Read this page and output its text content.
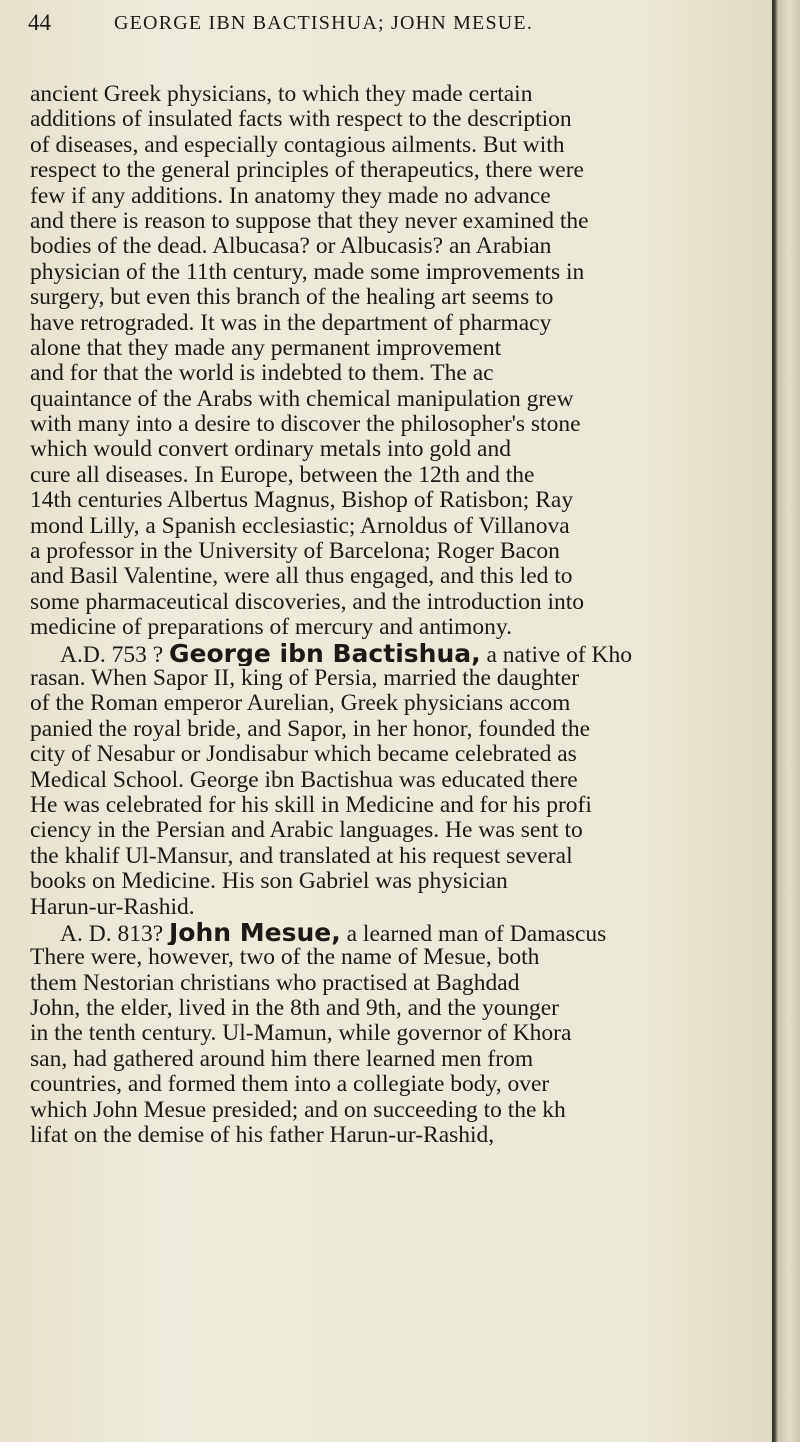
44	GEORGE IBN BACTISHUA; JOHN MESUE.
ancient Greek physicians, to which they made certain
additions of insulated facts with respect to the description
of diseases, and especially contagious ailments. But with
respect to the general principles of therapeutics, there were
few if any additions. In anatomy they made no advance
and there is reason to suppose that they never examined the
bodies of the dead. Albucasa? or Albucasis? an Arabian
physician of the 11th century, made some improvements in
surgery, but even this branch of the healing art seems to
have retrograded. It was in the department of pharmacy
alone that they made any permanent improvement
and for that the world is indebted to them. The ac
quaintance of the Arabs with chemical manipulation grew
with many into a desire to discover the philosopher's stone
which would convert ordinary metals into gold and
cure all diseases. In Europe, between the 12th and the
14th centuries Albertus Magnus, Bishop of Ratisbon; Ray
mond Lilly, a Spanish ecclesiastic; Arnoldus of Villanova
a professor in the University of Barcelona; Roger Bacon
and Basil Valentine, were all thus engaged, and this led to
some pharmaceutical discoveries, and the introduction into
medicine of preparations of mercury and antimony.
A.D. 753 ? George ibn Bactishua, a native of Kho
rasan. When Sapor II, king of Persia, married the daughter
of the Roman emperor Aurelian, Greek physicians accom
panied the royal bride, and Sapor, in her honor, founded the
city of Nesabur or Jondisabur which became celebrated as
Medical School. George ibn Bactishua was educated there
He was celebrated for his skill in Medicine and for his profi
ciency in the Persian and Arabic languages. He was sent to
the khalif Ul-Mansur, and translated at his request several
books on Medicine. His son Gabriel was physician
Harun-ur-Rashid.
A. D. 813? John Mesue, a learned man of Damascus
There were, however, two of the name of Mesue, both
them Nestorian christians who practised at Baghdad
John, the elder, lived in the 8th and 9th, and the younger
in the tenth century. Ul-Mamun, while governor of Khora
san, had gathered around him there learned men from
countries, and formed them into a collegiate body, over
which John Mesue presided; and on succeeding to the kh
lifat on the demise of his father Harun-ur-Rashid,
